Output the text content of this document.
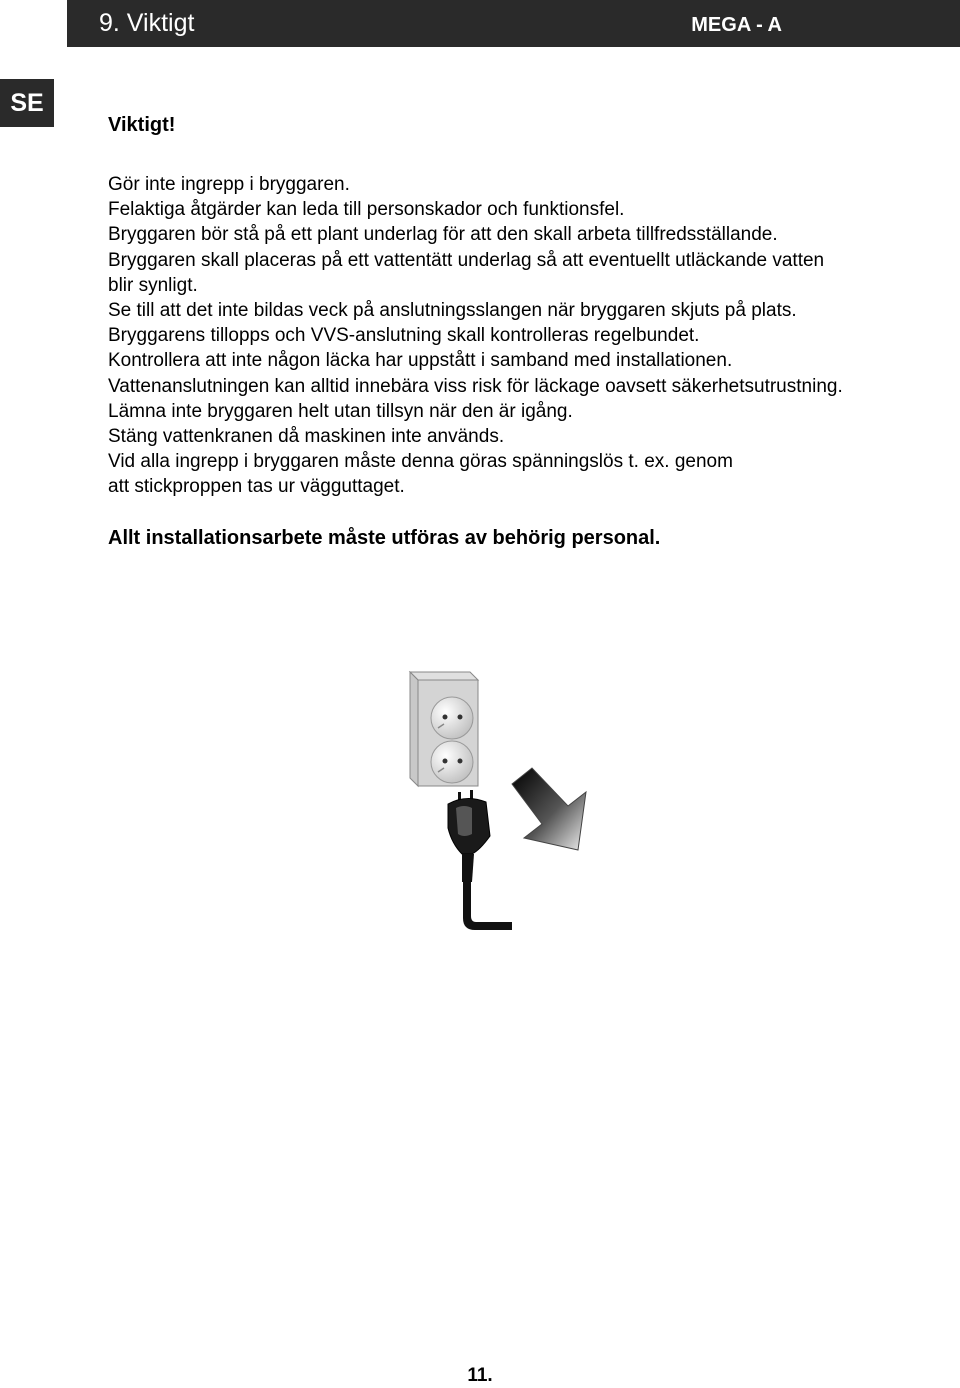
9. Viktigt	MEGA - A
SE
Viktigt!
Gör inte ingrepp i bryggaren.
Felaktiga åtgärder kan leda till personskador och funktionsfel.
Bryggaren bör stå på ett plant underlag för att den skall arbeta tillfredsställande.
Bryggaren skall placeras på ett vattentätt underlag så att eventuellt utläckande vatten
blir synligt.
Se till att det inte bildas veck på anslutningsslangen när bryggaren skjuts på plats.
Bryggarens tillopps och VVS-anslutning skall kontrolleras regelbundet.
Kontrollera att inte någon läcka har uppstått i samband med installationen.
Vattenanslutningen kan alltid innebära viss risk för läckage oavsett säkerhetsutrustning.
Lämna inte bryggaren helt utan tillsyn när den är igång.
Stäng vattenkranen då maskinen inte används.
Vid alla ingrepp i bryggaren måste denna göras spänningslös t. ex. genom
att stickproppen tas ur vägguttaget.
Allt installationsarbete måste utföras av behörig personal.
11.
